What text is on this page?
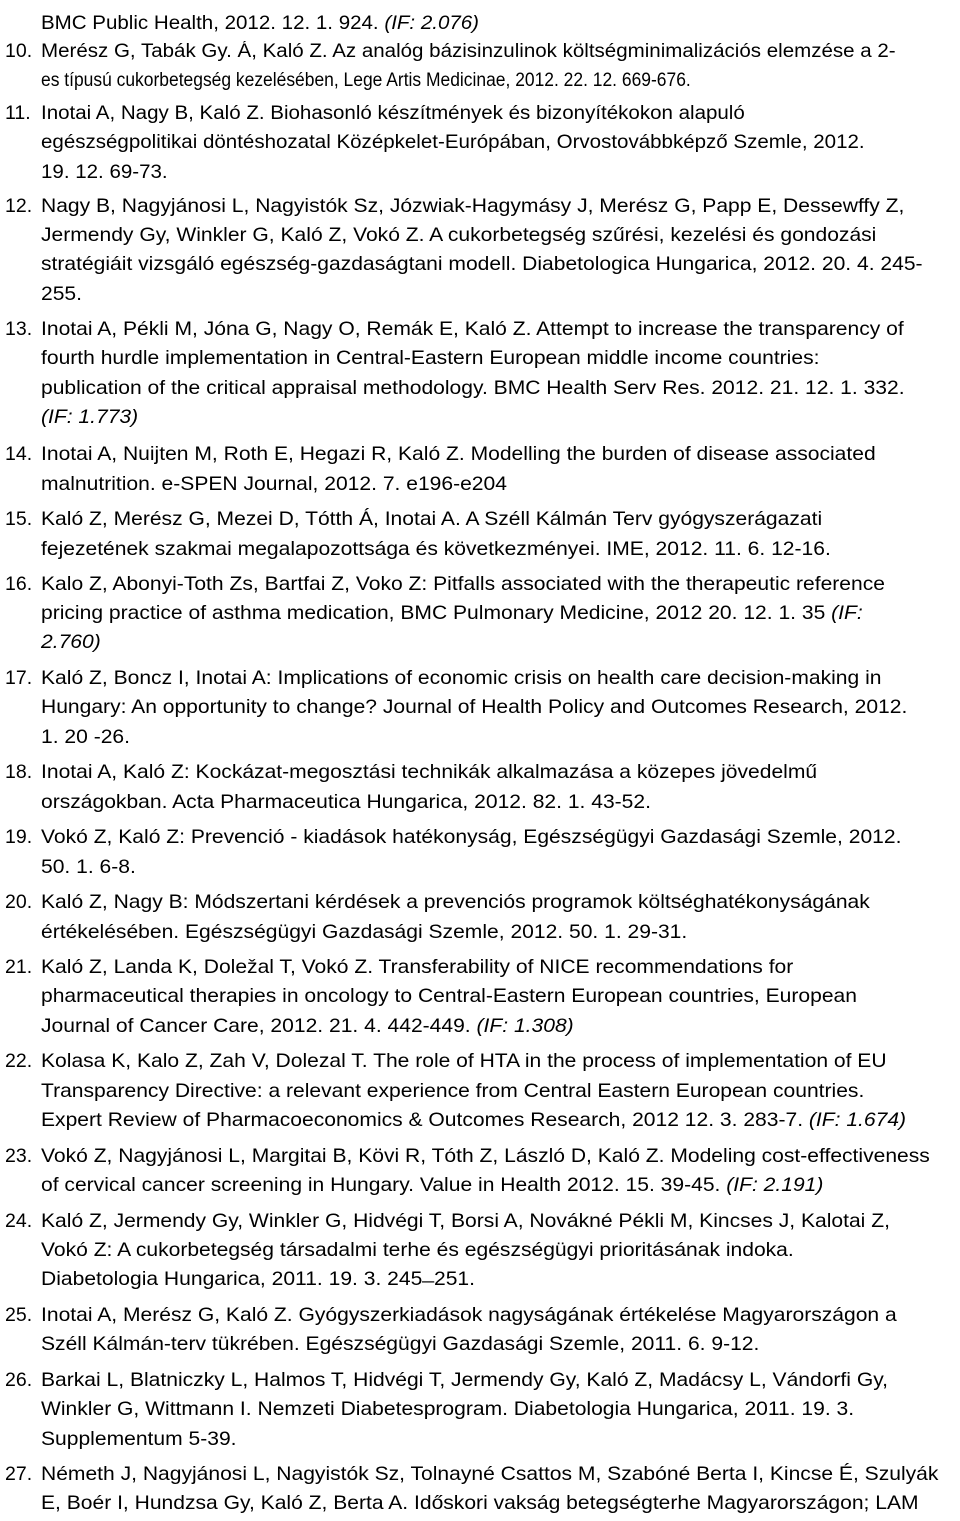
BMC Public Health, 2012. 12. 1. 924. (IF: 2.076)
10. Merész G, Tabák Gy. Á, Kaló Z. Az analóg bázisinzulinok költségminimalizációs elemzése a 2-
es típusú cukorbetegség kezelésében, Lege Artis Medicinae, 2012. 22. 12. 669-676.
11. Inotai A, Nagy B, Kaló Z. Biohasonló készítmények és bizonyítékokon alapuló
egészségpolitikai döntéshozatal Középkelet-Európában, Orvostovábbképző Szemle, 2012.
19. 12. 69-73.
12. Nagy B, Nagyjánosi L, Nagyistók Sz, Józwiak-Hagymásy J, Merész G, Papp E, Dessewffy Z,
Jermendy Gy, Winkler G, Kaló Z, Vokó Z. A cukorbetegség szűrési, kezelési és gondozási
stratégiáit vizsgáló egészség-gazdaságtani modell. Diabetologica Hungarica, 2012. 20. 4. 245-
255.
13. Inotai A, Pékli M, Jóna G, Nagy O, Remák E, Kaló Z. Attempt to increase the transparency of
fourth hurdle implementation in Central-Eastern European middle income countries:
publication of the critical appraisal methodology. BMC Health Serv Res. 2012. 21. 12. 1. 332.
(IF: 1.773)
14. Inotai A, Nuijten M, Roth E, Hegazi R, Kaló Z. Modelling the burden of disease associated
malnutrition. e-SPEN Journal, 2012. 7. e196-e204
15. Kaló Z, Merész G, Mezei D, Tótth Á, Inotai A. A Széll Kálmán Terv gyógyszerágazati
fejezetének szakmai megalapozottsága és következményei. IME, 2012. 11. 6. 12-16.
16. Kalo Z, Abonyi-Toth Zs, Bartfai Z, Voko Z: Pitfalls associated with the therapeutic reference
pricing practice of asthma medication, BMC Pulmonary Medicine, 2012 20. 12. 1. 35 (IF:
2.760)
17. Kaló Z, Boncz I, Inotai A: Implications of economic crisis on health care decision-making in
Hungary: An opportunity to change? Journal of Health Policy and Outcomes Research, 2012.
1. 20 -26.
18. Inotai A, Kaló Z: Kockázat-megosztási technikák alkalmazása a közepes jövedelmű
országokban. Acta Pharmaceutica Hungarica, 2012. 82. 1. 43-52.
19. Vokó Z, Kaló Z: Prevenció - kiadások hatékonyság, Egészségügyi Gazdasági Szemle, 2012.
50. 1. 6-8.
20. Kaló Z, Nagy B: Módszertani kérdések a prevenciós programok költséghatékonyságának
értékelésében. Egészségügyi Gazdasági Szemle, 2012. 50. 1. 29-31.
21. Kaló Z, Landa K, Doležal T, Vokó Z. Transferability of NICE recommendations for
pharmaceutical therapies in oncology to Central-Eastern European countries, European
Journal of Cancer Care, 2012. 21. 4. 442-449. (IF: 1.308)
22. Kolasa K, Kalo Z, Zah V, Dolezal T. The role of HTA in the process of implementation of EU
Transparency Directive: a relevant experience from Central Eastern European countries.
Expert Review of Pharmacoeconomics & Outcomes Research, 2012 12. 3. 283-7. (IF: 1.674)
23. Vokó Z, Nagyjánosi L, Margitai B, Kövi R, Tóth Z, László D, Kaló Z. Modeling cost-effectiveness
of cervical cancer screening in Hungary. Value in Health 2012. 15. 39-45. (IF: 2.191)
24. Kaló Z, Jermendy Gy, Winkler G, Hidvégi T, Borsi A, Novákné Pékli M, Kincses J, Kalotai Z,
Vokó Z: A cukorbetegség társadalmi terhe és egészségügyi prioritásának indoka.
Diabetologia Hungarica, 2011. 19. 3. 245 ̶ 251.
25. Inotai A, Merész G, Kaló Z. Gyógyszerkiadások nagyságának értékelése Magyarországon a
Széll Kálmán-terv tükrében. Egészségügyi Gazdasági Szemle, 2011. 6. 9-12.
26. Barkai L, Blatniczky L, Halmos T, Hidvégi T, Jermendy Gy, Kaló Z, Madácsy L, Vándorfi Gy,
Winkler G, Wittmann I. Nemzeti Diabetesprogram. Diabetologia Hungarica, 2011. 19. 3.
Supplementum 5-39.
27. Németh J, Nagyjánosi L, Nagyistók Sz, Tolnayné Csattos M, Szabóné Berta I, Kincse É, Szulyák
E, Boér I, Hundzsa Gy, Kaló Z, Berta A. Időskori vakság betegségterhe Magyarországon; LAM
